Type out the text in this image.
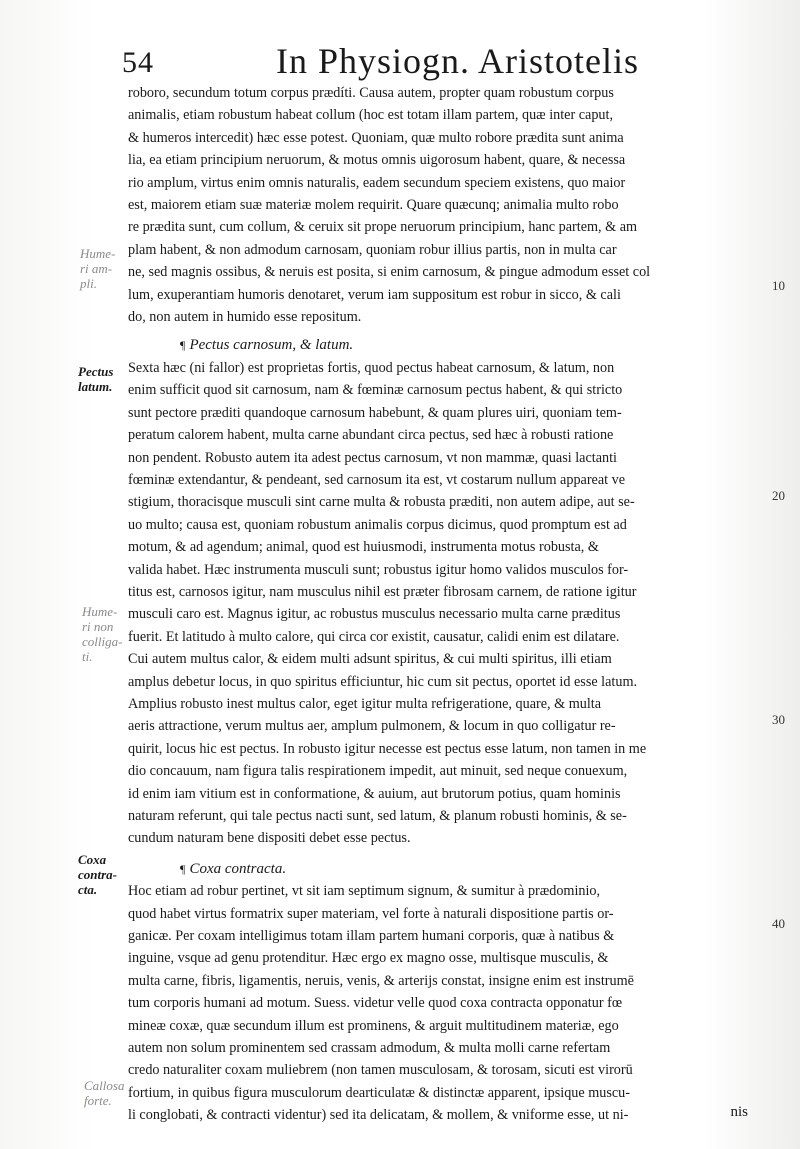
54	In Physiogn. Aristotelis
roboro, secundum totum corpus prædíti. Causa autem, propter quam robustum corpus
animalis, etiam robustum habeat collum (hoc est totam illam partem, quæ inter caput,
& humeros intercedit) hæc esse potest. Quoniam, quæ multo robore prædita sunt anima
lia, ea etiam principium neruorum, & motus omnis uigorosum habent, quare, & necessa
rio amplum, virtus enim omnis naturalis, eadem secundum speciem existens, quo maior
est, maiorem etiam suæ materiæ molem requirit. Quare quæcunq; animalia multo robo
re prædita sunt, cum collum, & ceruix sit prope neruorum principium, hanc partem, & am
plam habent, & non admodum carnosam, quoniam robur illius partis, non in multa car
ne, sed magnis ossibus, & neruis est posita, si enim carnosum, & pingue admodum esset col
lum, exuperantiam humoris denotaret, verum iam suppositum est robur in sicco, & cali
do, non autem in humido esse repositum.
¶ Pectus carnosum, & latum.
Sexta hæc (ni fallor) est proprietas fortis, quod pectus habeat carnosum, & latum, non
enim sufficit quod sit carnosum, nam & fœminæ carnosum pectus habent, & qui stricto
sunt pectore præditi quandoque carnosum habebunt, & quam plures uiri, quoniam tem-
peratum calorem habent, multa carne abundant circa pectus, sed hæc à robusti ratione
non pendent. Robusto autem ita adest pectus carnosum, vt non mammæ, quasi lactanti
fœminæ extendantur, & pendeant, sed carnosum ita est, vt costarum nullum appareat ve
stigium, thoracisque musculi sint carne multa & robusta præditi, non autem adipe, aut se-
uo multo; causa est, quoniam robustum animalis corpus dicimus, quod promptum est ad
motum, & ad agendum; animal, quod est huiusmodi, instrumenta motus robusta, &
valida habet. Hæc instrumenta musculi sunt; robustus igitur homo validos musculos for-
titus est, carnosos igitur, nam musculus nihil est præter fibrosam carnem, de ratione igitur
musculi caro est. Magnus igitur, ac robustus musculus necessario multa carne præditus
fuerit. Et latitudo à multo calore, qui circa cor existit, causatur, calidi enim est dilatare.
Cui autem multus calor, & eidem multi adsunt spiritus, & cui multi spiritus, illi etiam
amplus debetur locus, in quo spiritus efficiuntur, hic cum sit pectus, oportet id esse latum.
Amplius robusto inest multus calor, eget igitur multa refrigeratione, quare, & multa
aeris attractione, verum multus aer, amplum pulmonem, & locum in quo colligatur re-
quirit, locus hic est pectus. In robusto igitur necesse est pectus esse latum, non tamen in me
dio concauum, nam figura talis respirationem impedit, aut minuit, sed neque conuexum,
id enim iam vitium est in conformatione, & auium, aut brutorum potius, quam hominis
naturam referunt, qui tale pectus nacti sunt, sed latum, & planum robusti hominis, & se-
cundum naturam bene dispositi debet esse pectus.
¶ Coxa contracta.
Hoc etiam ad robur pertinet, vt sit iam septimum signum, & sumitur à prædominio,
quod habet virtus formatrix super materiam, vel forte à naturali dispositione partis or-
ganicæ. Per coxam intelligimus totam illam partem humani corporis, quæ à natibus &
inguine, vsque ad genu protenditur. Hæc ergo ex magno osse, multisque musculis, &
multa carne, fibris, ligamentis, neruis, venis, & arterijs constat, insigne enim est instrumē
tum corporis humani ad motum. Suess. videtur velle quod coxa contracta opponatur fœ
mineæ coxæ, quæ secundum illum est prominens, & arguit multitudinem materiæ, ego
autem non solum prominentem sed crassam admodum, & multa molli carne refertam
credo naturaliter coxam muliebrem (non tamen musculosam, & torosam, sicuti est virorū
fortium, in quibus figura musculorum dearticulatæ & distinctæ apparent, ipsique muscu-
li conglobati, & contracti videntur) sed ita delicatam, & mollem, & vniforme esse, ut ni-
Hume-
ri am-
pli.
Pectus
latum.
Hume-
ri non
colliga-
ti.
Coxa
contra-
cta.
Callosa
forte.
10
20
30
40
nis
